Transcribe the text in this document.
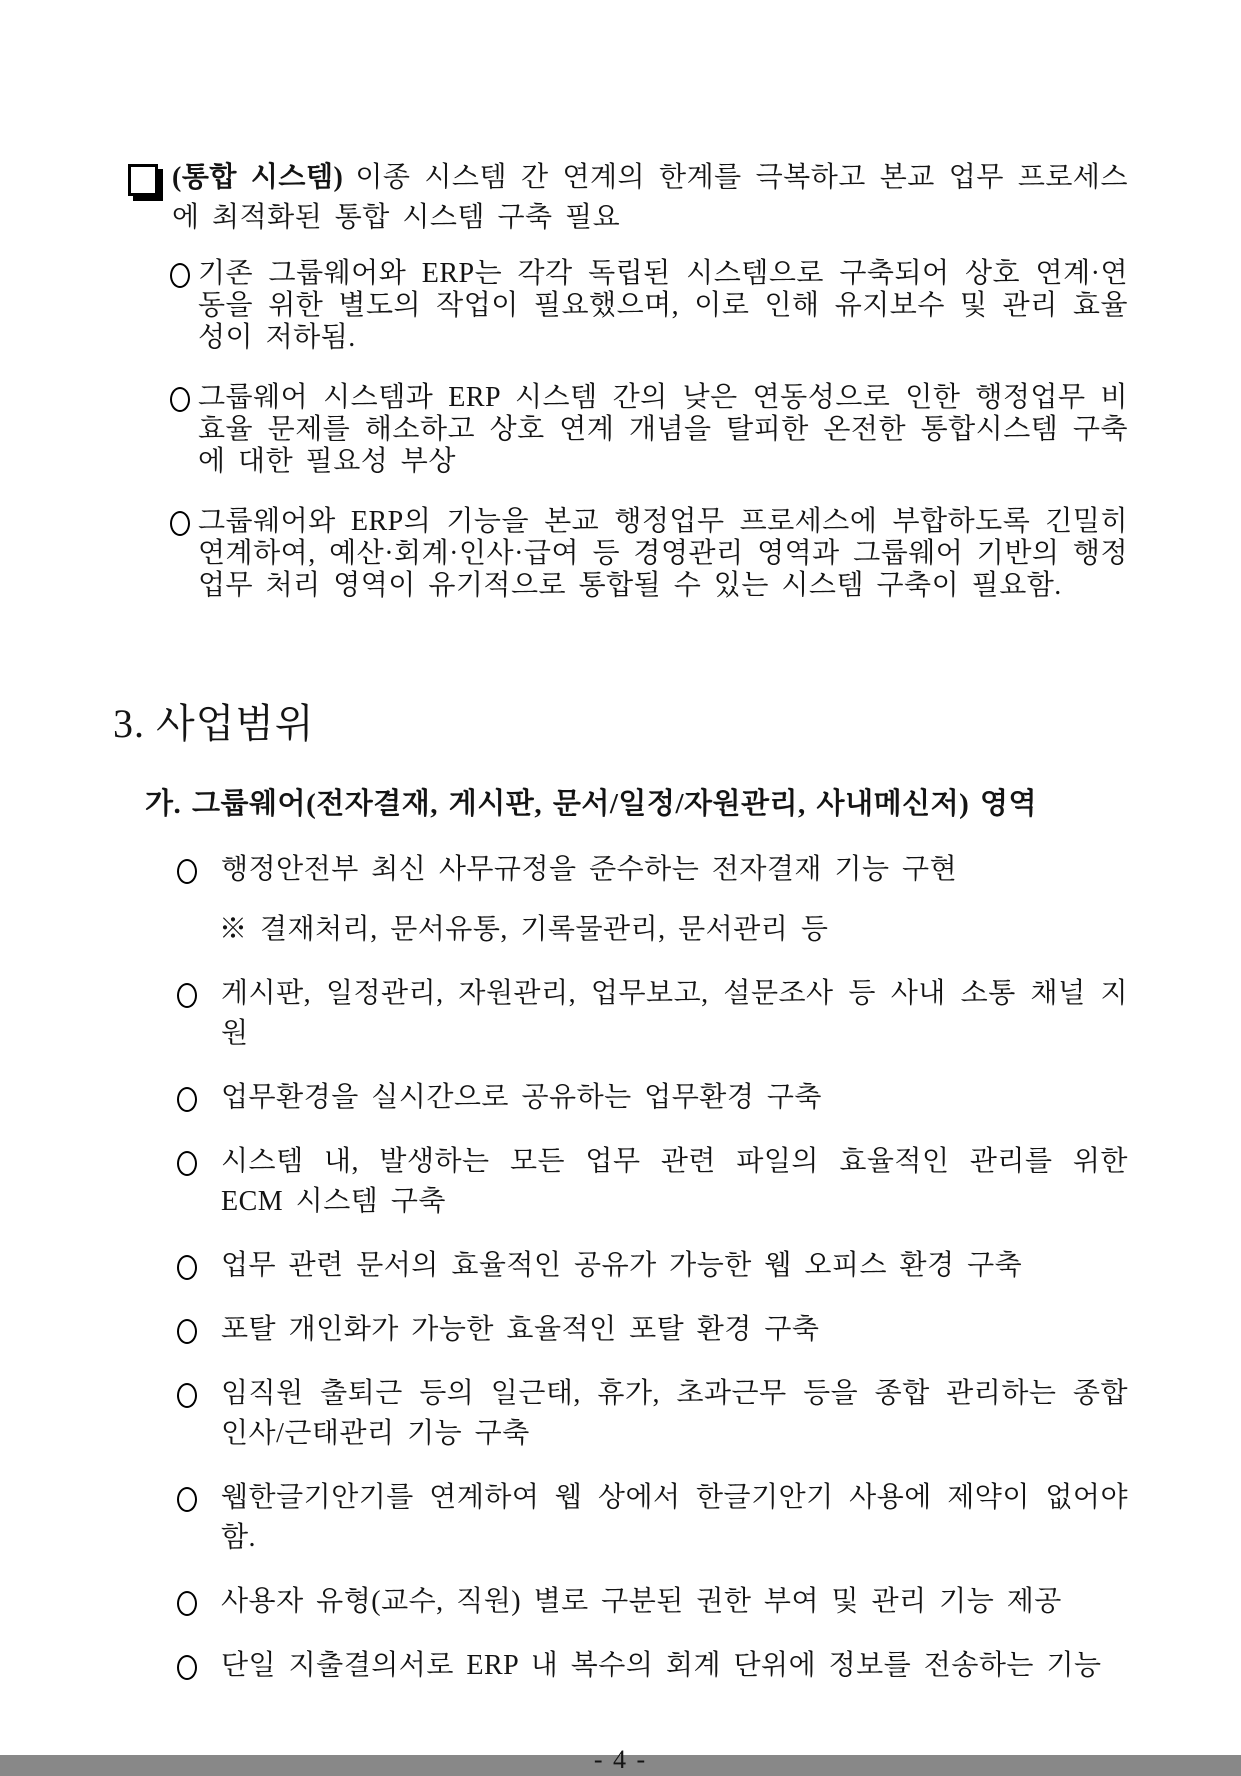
(통합 시스템) 이종 시스템 간 연계의 한계를 극복하고 본교 업무 프로세스에 최적화된 통합 시스템 구축 필요

기존 그룹웨어와 ERP는 각각 독립된 시스템으로 구축되어 상호 연계·연동을 위한 별도의 작업이 필요했으며, 이로 인해 유지보수 및 관리 효율성이 저하됨.

그룹웨어 시스템과 ERP 시스템 간의 낮은 연동성으로 인한 행정업무 비효율 문제를 해소하고 상호 연계 개념을 탈피한 온전한 통합시스템 구축에 대한 필요성 부상

그룹웨어와 ERP의 기능을 본교 행정업무 프로세스에 부합하도록 긴밀히 연계하여, 예산·회계·인사·급여 등 경영관리 영역과 그룹웨어 기반의 행정업무 처리 영역이 유기적으로 통합될 수 있는 시스템 구축이 필요함.

3. 사업범위
가. 그룹웨어(전자결재, 게시판, 문서/일정/자원관리, 사내메신저) 영역

행정안전부 최신 사무규정을 준수하는 전자결재 기능 구현

※ 결재처리, 문서유통, 기록물관리, 문서관리 등

게시판, 일정관리, 자원관리, 업무보고, 설문조사 등 사내 소통 채널 지원

업무환경을 실시간으로 공유하는 업무환경 구축

시스템 내, 발생하는 모든 업무 관련 파일의 효율적인 관리를 위한 ECM 시스템 구축

업무 관련 문서의 효율적인 공유가 가능한 웹 오피스 환경 구축

포탈 개인화가 가능한 효율적인 포탈 환경 구축

임직원 출퇴근 등의 일근태, 휴가, 초과근무 등을 종합 관리하는 종합 인사/근태관리 기능 구축

웹한글기안기를 연계하여 웹 상에서 한글기안기 사용에 제약이 없어야 함.

사용자 유형(교수, 직원) 별로 구분된 권한 부여 및 관리 기능 제공

단일 지출결의서로 ERP 내 복수의 회계 단위에 정보를 전송하는 기능

- 4 -
